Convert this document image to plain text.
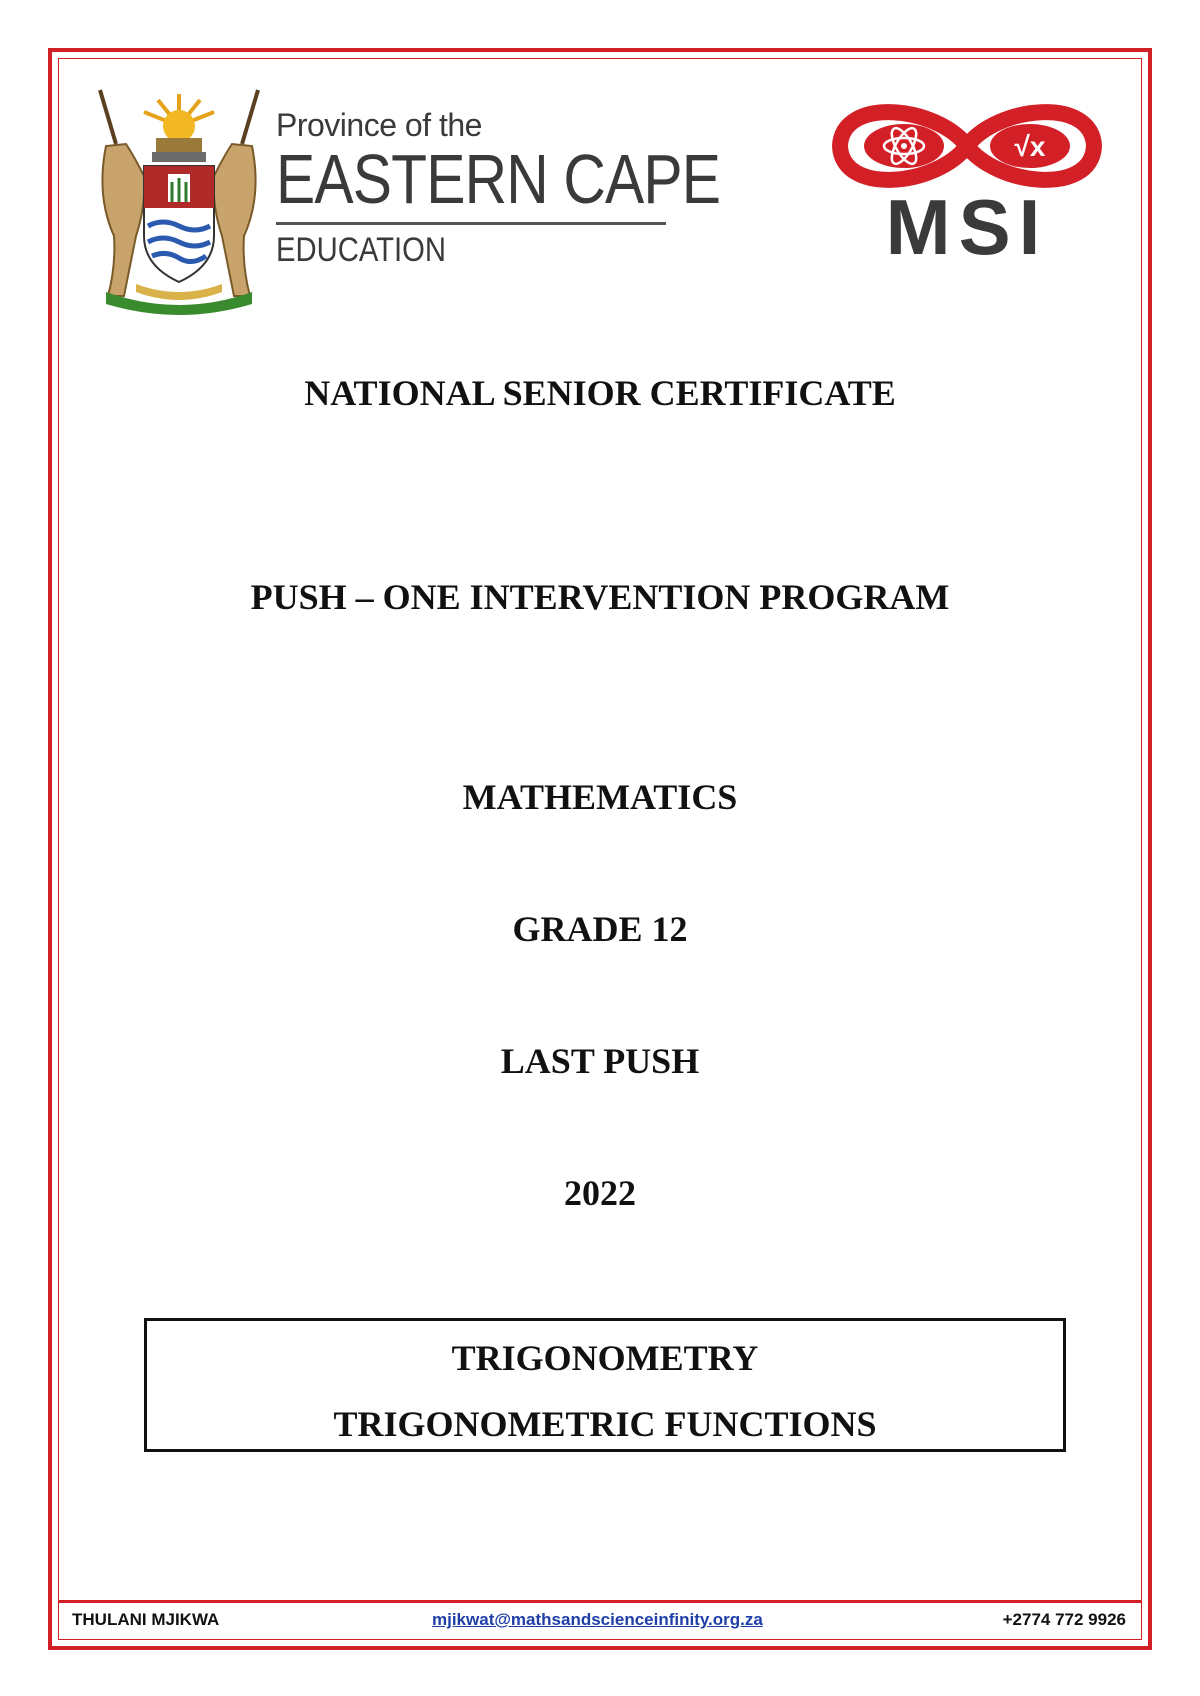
Province of the
EASTERN CAPE
EDUCATION
√x
MSI
NATIONAL SENIOR CERTIFICATE
PUSH – ONE INTERVENTION PROGRAM
MATHEMATICS
GRADE 12
LAST PUSH
2022
TRIGONOMETRY
TRIGONOMETRIC FUNCTIONS
THULANI MJIKWA	mjikwat@mathsandscienceinfinity.org.za	+2774 772 9926
